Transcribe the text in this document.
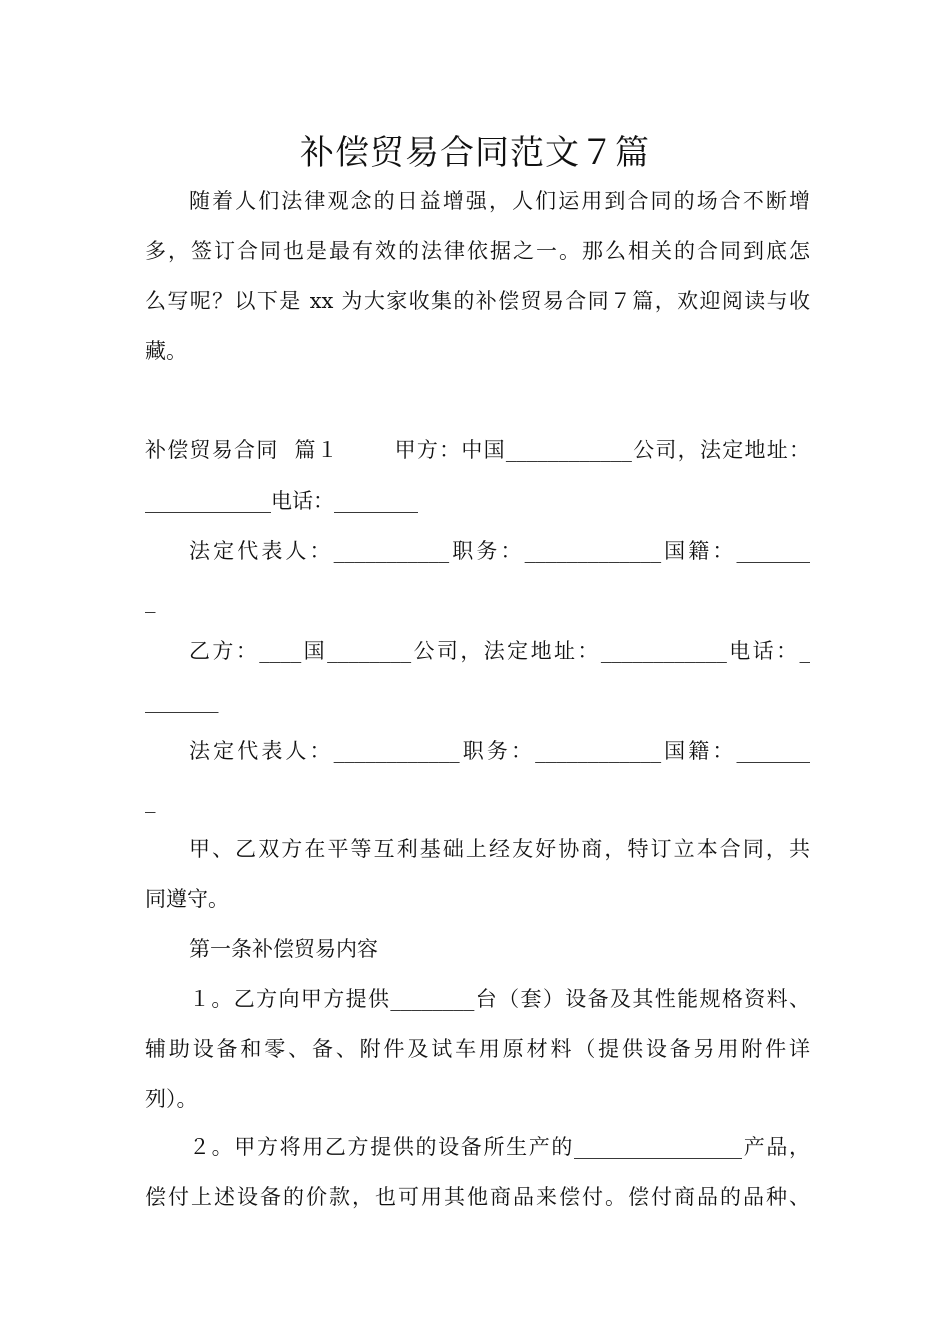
补偿贸易合同范文７篇
随着人们法律观念的日益增强，人们运用到合同的场合不断增
多，签订合同也是最有效的法律依据之一。那么相关的合同到底怎
么写呢？以下是 xx 为大家收集的补偿贸易合同７篇，欢迎阅读与收
藏。
补偿贸易合同  篇１       甲方：中国____________公司，法定地址：
____________电话：________
法定代表人：___________职务：_____________国籍：_______
_
乙方：____国________公司，法定地址：____________电话：_
_______
法定代表人：____________职务：____________国籍：_______
_
甲、乙双方在平等互利基础上经友好协商，特订立本合同，共
同遵守。
第一条补偿贸易内容
１。乙方向甲方提供________台（套）设备及其性能规格资料、
辅助设备和零、备、附件及试车用原材料（提供设备另用附件详
列）。
２。甲方将用乙方提供的设备所生产的________________产品，
偿付上述设备的价款，也可用其他商品来偿付。偿付商品的品种、
